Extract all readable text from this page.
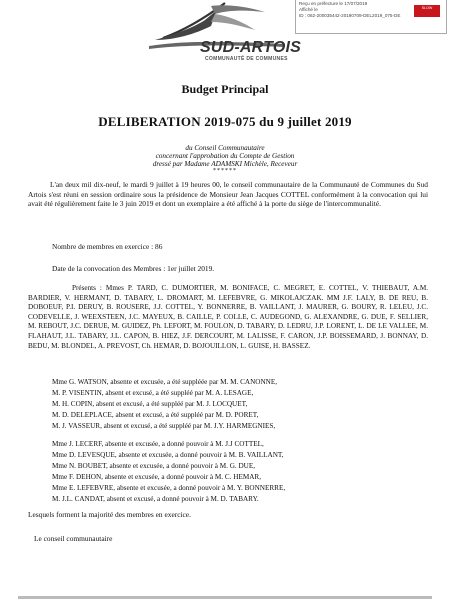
SUD-ARTOIS
COMMUNAUTÉ DE COMMUNES
Reçu en préfecture le 17/07/2019
Affiché le
ID : 062-200035442-20190709-DEL2019_075-DE
SLOW
Budget Principal
DELIBERATION 2019-075 du 9 juillet 2019
du Conseil Communautaire
concernant l'approbation du Compte de Gestion
dressé par Madame ADAMSKI Michèle, Receveur
******
L'an deux mil dix-neuf, le mardi 9 juillet à 19 heures 00, le conseil communautaire de la Communauté de Communes du Sud Artois s'est réuni en session ordinaire sous la présidence de Monsieur Jean Jacques COTTEL conformément à la convocation qui lui avait été régulièrement faite le 3 juin 2019 et dont un exemplaire a été affiché à la porte du siège de l'intercommunalité.
Nombre de membres en exercice : 86
Date de la convocation des Membres : 1er juillet 2019.
Présents : Mmes P. TARD, C. DUMORTIER, M. BONIFACE, C. MEGRET, E. COTTEL, V. THIEBAUT, A.M. BARDIER, V. HERMANT, D. TABARY, L. DROMART, M. LEFEBVRE, G. MIKOLAJCZAK. MM J.F. LALY, B. DE REU, B. DOBOEUF, P.I. DERUY, B. ROUSERE, J.J. COTTEL, Y. BONNERRE, B. VAILLANT, J. MAURER, G. BOURY, R. LELEU, J.C. CODEVELLE, J. WEEXSTEEN, J.C. MAYEUX, B. CAILLE, P. COLLE, C. AUDEGOND, G. ALEXANDRE, G. DUE, F. SELLIER, M. REBOUT, J.C. DERUE, M. GUIDEZ, Ph. LEFORT, M. FOULON, D. TABARY, D. LEDRU, J.P. LORENT, L. DE LE VALLEE, M. FLAHAUT, J.L. TABARY, J.L. CAPON, B. HIEZ, J.F. DERCOURT, M. LALISSE, F. CARON, J.P. BOISSEMARD, J. BONNAY, D. BEDU, M. BLONDEL, A. PREVOST, Ch. HEMAR, D. BOJOUILLON, L. GUISE, H. BASSEZ.
Mme G. WATSON, absente et excusée, a été suppléée par M. M. CANONNE,
M. P. VISENTIN, absent et excusé, a été suppléé par M. A. LESAGE,
M. H. COPIN, absent et excusé, a été suppléé par M. J. LOCQUET,
M. D. DELEPLACE, absent et excusé, a été suppléé par M. D. PORET,
M. J. VASSEUR, absent et excusé, a été suppléé par M. J.Y. HARMEGNIES,
Mme J. LECERF, absente et excusée, a donné pouvoir à M. J.J COTTEL,
Mme D. LEVESQUE, absente et excusée, a donné pouvoir à M. B. VAILLANT,
Mme N. BOUBET, absente et excusée, a donné pouvoir à M. G. DUE,
Mme F. DEHON, absente et excusée, a donné pouvoir à M. C. HEMAR,
Mme E. LEFEBVRE, absente et excusée, a donné pouvoir à M. Y. BONNERRE,
M. J.L. CANDAT, absent et excusé, a donné pouvoir à M. D. TABARY.
Lesquels forment la majorité des membres en exercice.
Le conseil communautaire
